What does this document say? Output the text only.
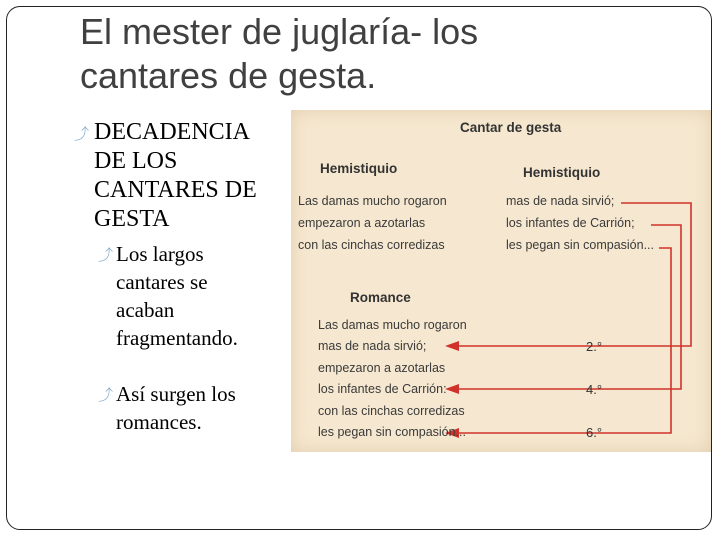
El mester de juglaría- los
cantares de gesta.
⤴ DECADENCIA
DE LOS
CANTARES DE
GESTA
⤴ Los largos
cantares se
acaban
fragmentando.
⤴ Así surgen los
romances.
Cantar de gesta
Hemistiquio	Hemistiquio
Las damas mucho rogaron
empezaron a azotarlas
con las cinchas corredizas
mas de nada sirvió;
los infantes de Carrión;
les pegan sin compasión...
Romance
Las damas mucho rogaron
mas de nada sirvió;
empezaron a azotarlas
los infantes de Carrión:
con las cinchas corredizas
les pegan sin compasión...
2.°
4.°
6.°
